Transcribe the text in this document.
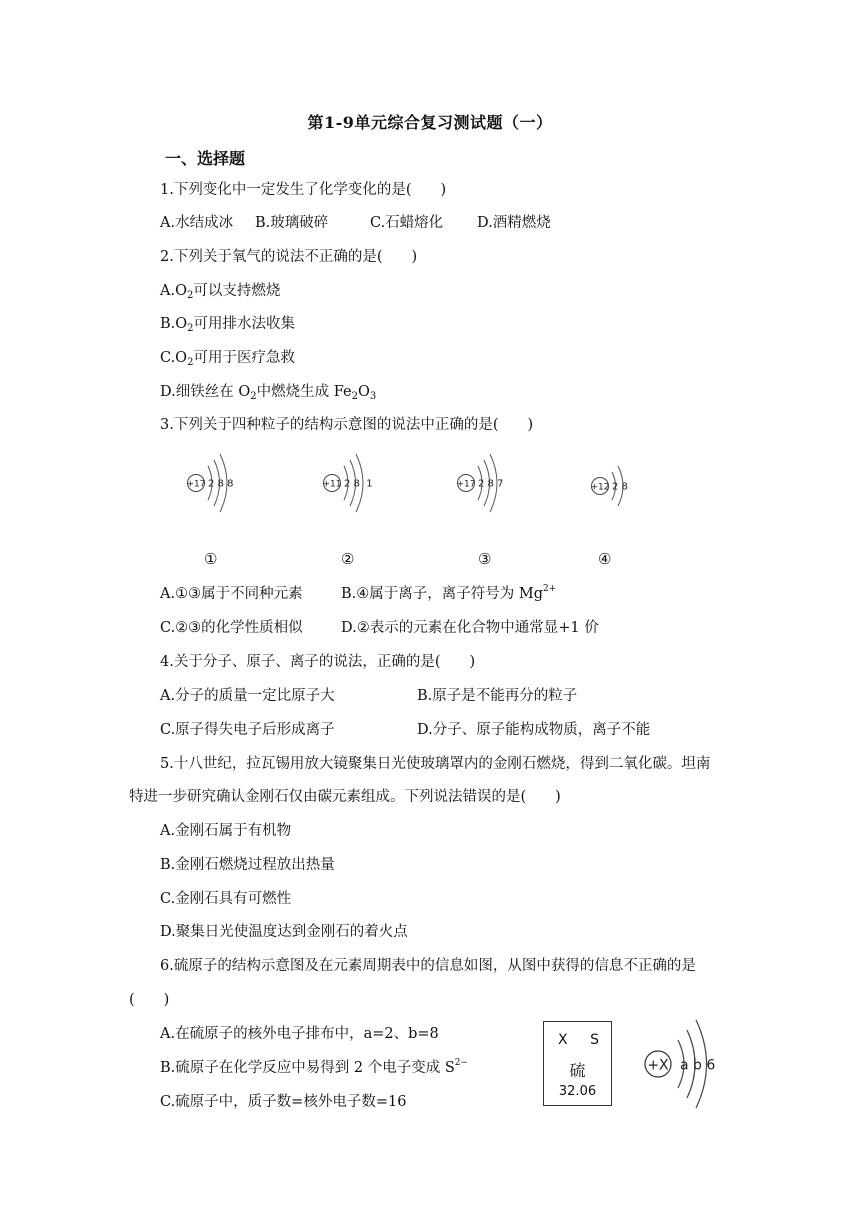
第1-9单元综合复习测试题（一）
一、选择题
1.下列变化中一定发生了化学变化的是(　　)
A.水结成冰 B.玻璃破碎	C.石蜡熔化 D.酒精燃烧
2.下列关于氧气的说法不正确的是(　　)
$A.O_2$可以支持燃烧
$B.O_2$可用排水法收集
$C.O_2$可用于医疗急救
D.细铁丝在 $O_2$中燃烧生成 $Fe_2O_3$
3.下列关于四种粒子的结构示意图的说法中正确的是(　　)
+17 2 8 8	+11 2 8  1	+17 2 8 7	+12 2 8
①	②	③	④
A.①③属于不同种元素	B.④属于离子，离子符号为 $Mg^{2+}$
C.②③的化学性质相似	D.②表示的元素在化合物中通常显+1 价
4.关于分子、原子、离子的说法，正确的是(　　)
A.分子的质量一定比原子大	B.原子是不能再分的粒子
C.原子得失电子后形成离子	D.分子、原子能构成物质，离子不能
5.十八世纪，拉瓦锡用放大镜聚集日光使玻璃罩内的金刚石燃烧，得到二氧化碳。坦南
特进一步研究确认金刚石仅由碳元素组成。下列说法错误的是(　　)
A.金刚石属于有机物
B.金刚石燃烧过程放出热量
C.金刚石具有可燃性
D.聚集日光使温度达到金刚石的着火点
6.硫原子的结构示意图及在元素周期表中的信息如图，从图中获得的信息不正确的是
(　　)
A.在硫原子的核外电子排布中，a=2、b=8
B.硫原子在化学反应中易得到 2 个电子变成 $S^{2-}$
C.硫原子中，质子数=核外电子数=16
X S
硫
32.06
+X a b 6
